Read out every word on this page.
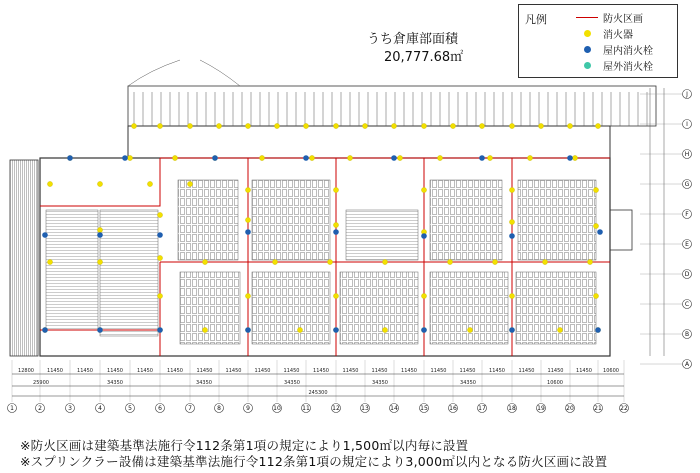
J
I
H
G
F
E
D
C
B
A
1	2	3	4	5	6	7	8	9	10	11	12	13	14	15	16	17	18	19	20	21	22
12800	11450	11450	11450	11450	11450	11450	11450	11450	11450	11450	11450	11450	11450	11450	11450	11450	11450	11450	11450 10600
25900	34350	34350	34350	34350	34350	10600
245300
うち倉庫部面積
20,777.68㎡
凡例	防火区画
消火器
屋内消火栓
屋外消火栓
※防火区画は建築基準法施行令112条第1項の規定により1,500㎡以内毎に設置
※スプリンクラー設備は建築基準法施行令112条第1項の規定により3,000㎡以内となる防火区画に設置
